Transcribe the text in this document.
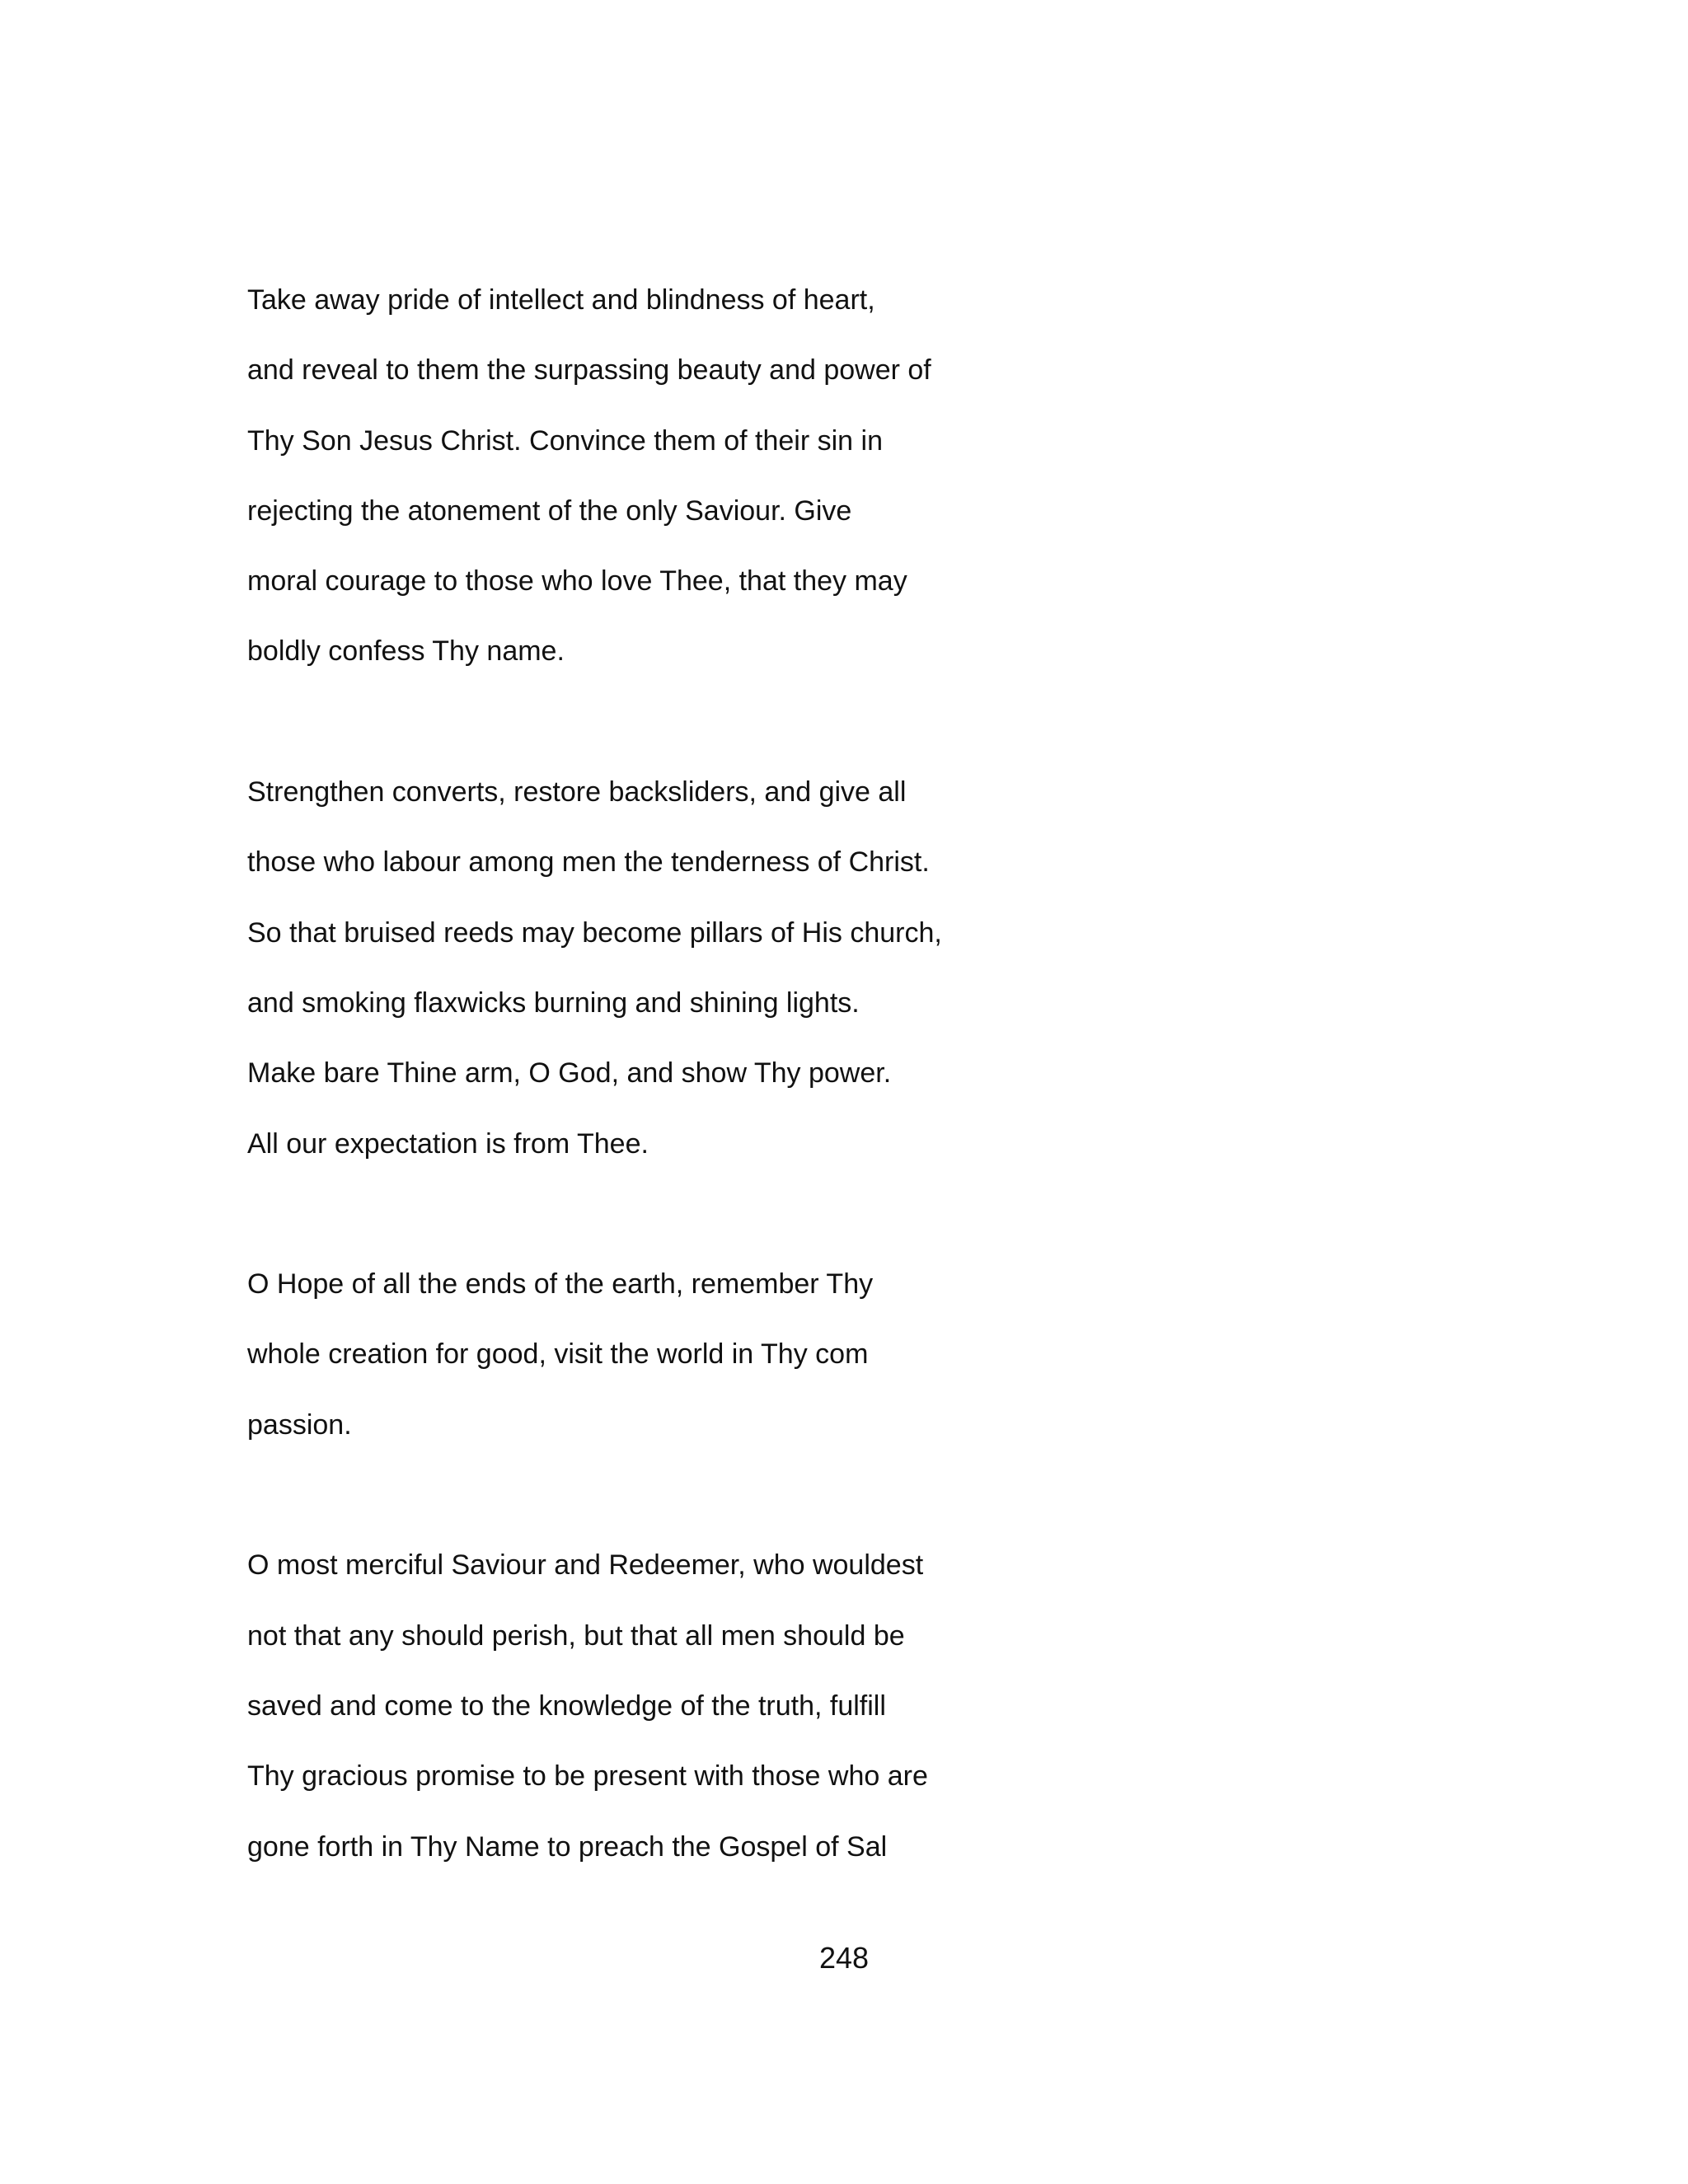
Take away pride of intellect and blindness of heart,
and reveal to them the surpassing beauty and power of
Thy Son Jesus Christ. Convince them of their sin in
rejecting the atonement of the only Saviour. Give
moral courage to those who love Thee, that they may
boldly confess Thy name.
Strengthen converts, restore backsliders, and give all
those who labour among men the tenderness of Christ.
So that bruised reeds may become pillars of His church,
and smoking flaxwicks burning and shining lights.
Make bare Thine arm, O God, and show Thy power.
All our expectation is from Thee.
O Hope of all the ends of the earth, remember Thy
whole creation for good, visit the world in Thy com
passion.
O most merciful Saviour and Redeemer, who wouldest
not that any should perish, but that all men should be
saved and come to the knowledge of the truth, fulfill
Thy gracious promise to be present with those who are
gone forth in Thy Name to preach the Gospel of Sal
248
